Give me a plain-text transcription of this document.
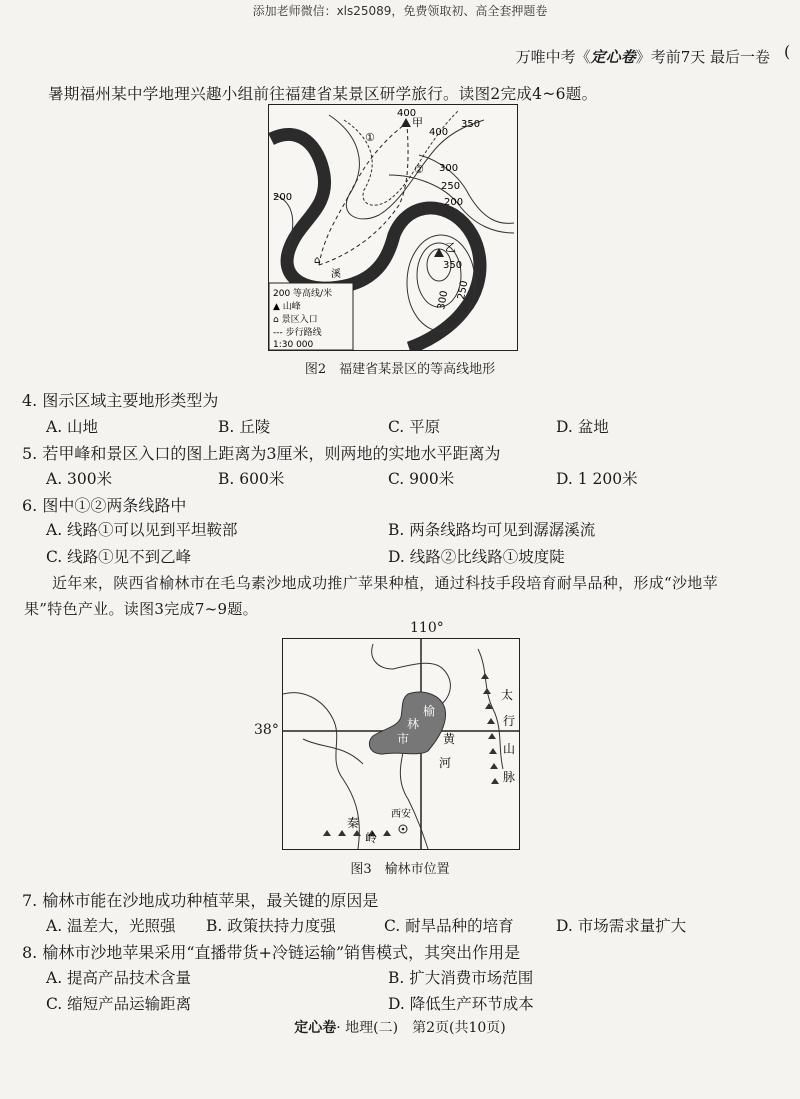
添加老师微信：xls25089，免费领取初、高全套押题卷
万唯中考《定心卷》考前7天 最后一卷 (
暑期福州某中学地理兴趣小组前往福建省某景区研学旅行。读图2完成4~6题。
⌂
400
甲
400
350
①
② 300
250
200
200
乙
350
300 250
溪
200 等高线/米
▲ 山峰
⌂ 景区入口
--- 步行路线
1:30 000
图2　福建省某景区的等高线地形
4. 图示区域主要地形类型为
A. 山地	B. 丘陵	C. 平原	D. 盆地
5. 若甲峰和景区入口的图上距离为3厘米，则两地的实地水平距离为
A. 300米	B. 600米	C. 900米	D. 1 200米
6. 图中①②两条线路中
A. 线路①可以见到平坦鞍部	B. 两条线路均可见到潺潺溪流
C. 线路①见不到乙峰	D. 线路②比线路①坡度陡
近年来，陕西省榆林市在毛乌素沙地成功推广苹果种植，通过科技手段培育耐旱品种，形成“沙地苹
果”特色产业。读图3完成7~9题。
110°
38°
榆
林
市	黄
河
太
行
山
脉
西安
秦
岭
图3　榆林市位置
7. 榆林市能在沙地成功种植苹果，最关键的原因是
A. 温差大，光照强 B. 政策扶持力度强	C. 耐旱品种的培育	D. 市场需求量扩大
8. 榆林市沙地苹果采用“直播带货+冷链运输”销售模式，其突出作用是
A. 提高产品技术含量	B. 扩大消费市场范围
C. 缩短产品运输距离	D. 降低生产环节成本
定心卷· 地理(二)　第2页(共10页)
